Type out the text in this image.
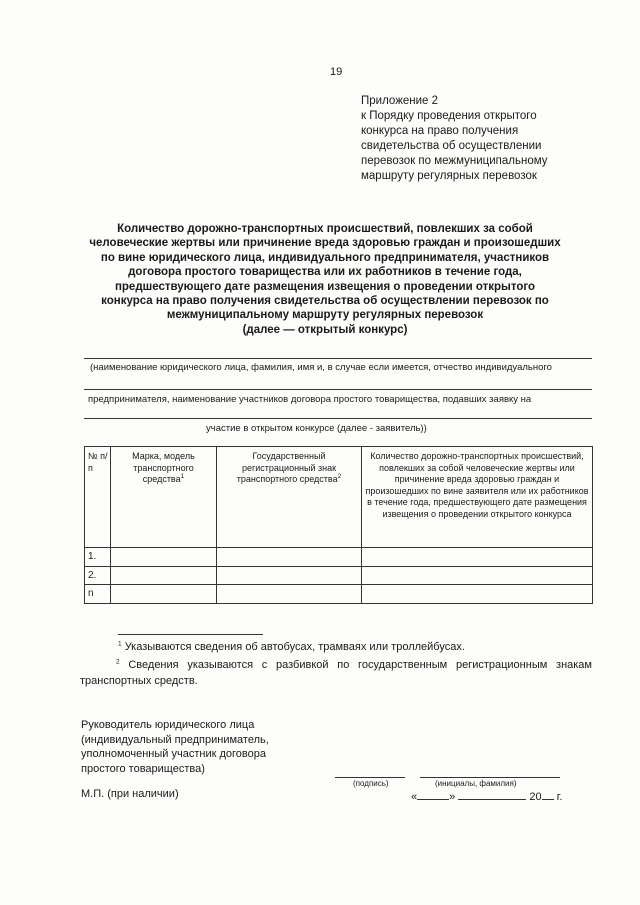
19
Приложение 2
к Порядку проведения открытого
конкурса на право получения
свидетельства об осуществлении
перевозок по межмуниципальному
маршруту регулярных перевозок
Количество дорожно-транспортных происшествий, повлекших за собой
человеческие жертвы или причинение вреда здоровью граждан и произошедших
по вине юридического лица, индивидуального предпринимателя, участников
договора простого товарищества или их работников в течение года,
предшествующего дате размещения извещения о проведении открытого
конкурса на право получения свидетельства об осуществлении перевозок по
межмуниципальному маршруту регулярных перевозок
(далее — открытый конкурс)
(наименование юридического лица, фамилия, имя и, в случае если имеется, отчество индивидуального
предпринимателя, наименование участников договора простого товарищества, подавших заявку на
участие в открытом конкурсе (далее - заявитель))
№ п/п	Марка, модель транспортного средства$^1$	Государственный регистрационный знак транспортного средства$^2$	Количество дорожно-транспортных происшествий, повлекших за собой человеческие жертвы или причинение вреда здоровью граждан и произошедших по вине заявителя или их работников в течение года, предшествующего дате размещения извещения о проведении открытого конкурса
1.			
2.			
n			
$^1$ Указываются сведения об автобусах, трамваях или троллейбусах.
$^2$ Сведения указываются с разбивкой по государственным регистрационным знакам транспортных средств.
Руководитель юридического лица
(индивидуальный предприниматель,
уполномоченный участник договора
простого товарищества)
(подпись)	(инициалы, фамилия)
М.П. (при наличии)	«	»	20 г.
